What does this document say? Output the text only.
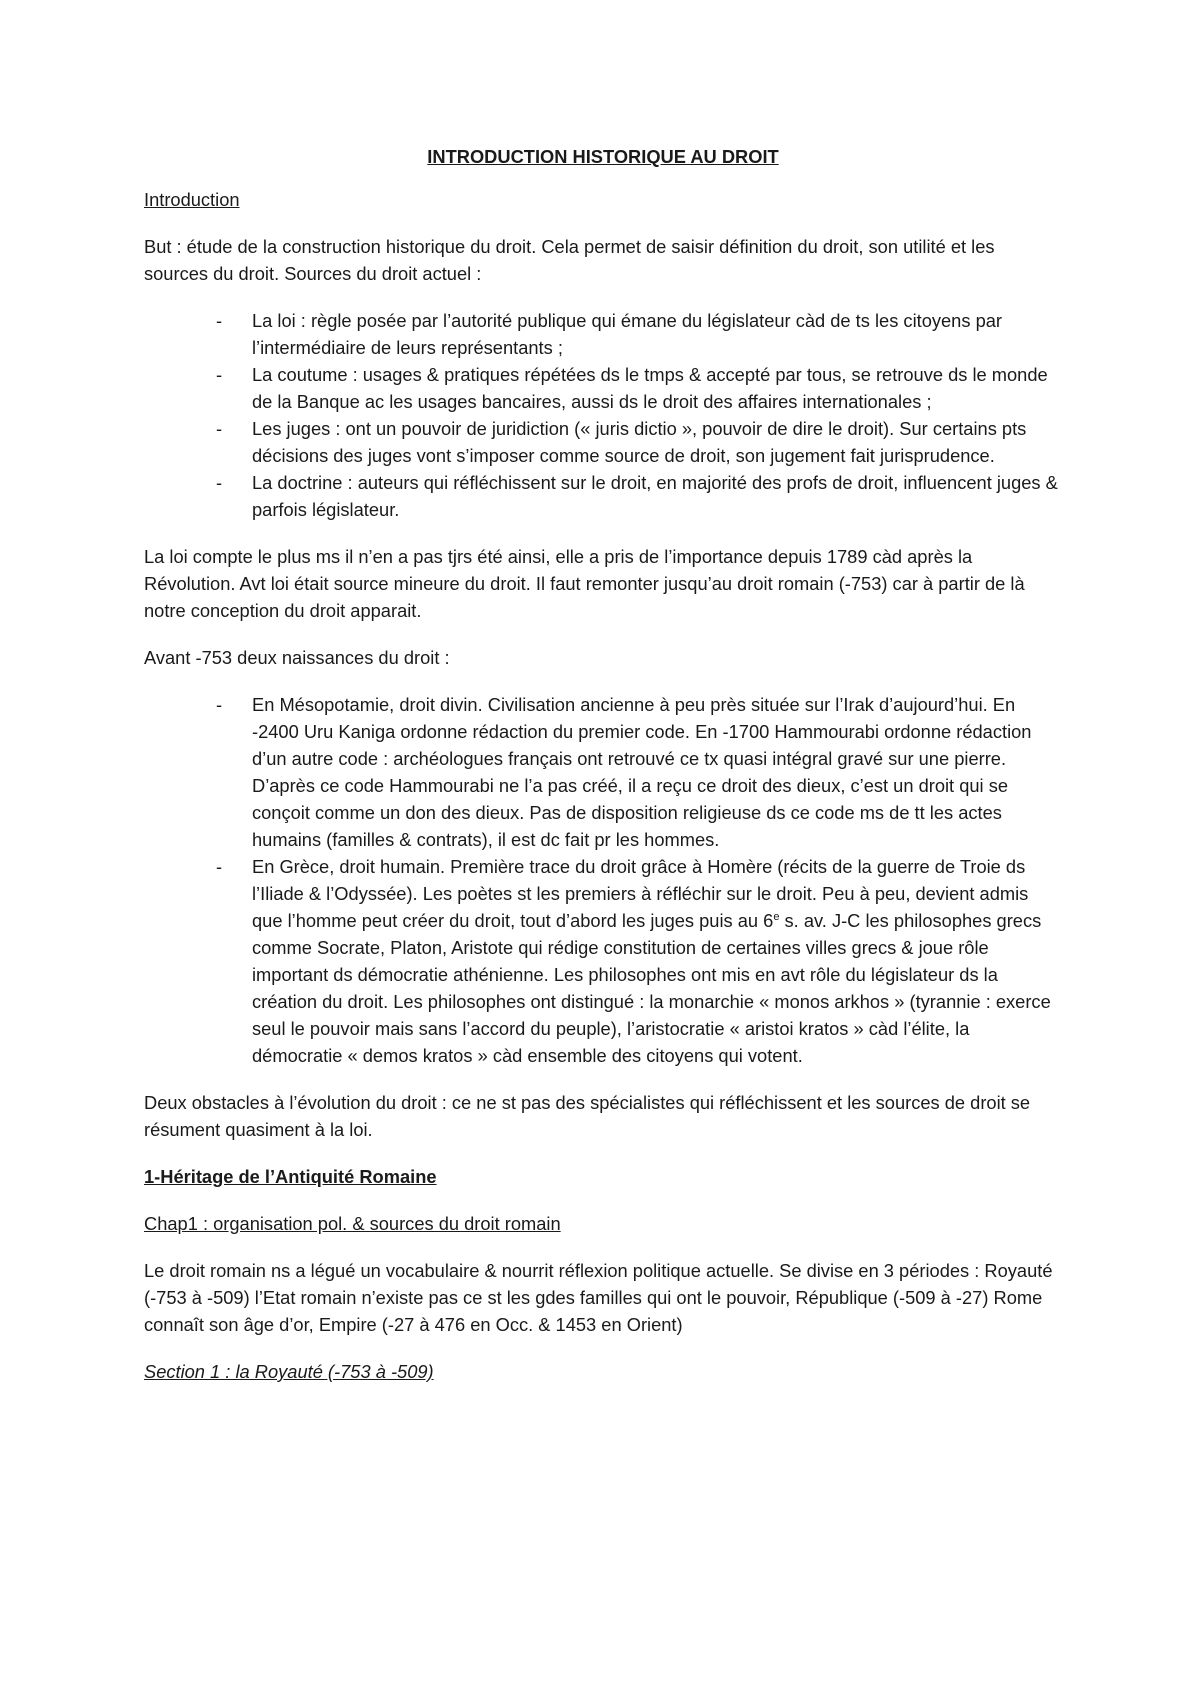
INTRODUCTION HISTORIQUE AU DROIT

Introduction

But : étude de la construction historique du droit. Cela permet de saisir définition du droit, son utilité et les sources du droit. Sources du droit actuel :

- La loi : règle posée par l’autorité publique qui émane du législateur càd de ts les citoyens par l’intermédiaire de leurs représentants ;
- La coutume : usages & pratiques répétées ds le tmps & accepté par tous, se retrouve ds le monde de la Banque ac les usages bancaires, aussi ds le droit des affaires internationales ;
- Les juges : ont un pouvoir de juridiction (« juris dictio », pouvoir de dire le droit). Sur certains pts décisions des juges vont s’imposer comme source de droit, son jugement fait jurisprudence.
- La doctrine : auteurs qui réfléchissent sur le droit, en majorité des profs de droit, influencent juges & parfois législateur.

La loi compte le plus ms il n’en a pas tjrs été ainsi, elle a pris de l’importance depuis 1789 càd après la Révolution. Avt loi était source mineure du droit. Il faut remonter jusqu’au droit romain (-753) car à partir de là notre conception du droit apparait.

Avant -753 deux naissances du droit :

- En Mésopotamie, droit divin. Civilisation ancienne à peu près située sur l’Irak d’aujourd’hui. En -2400 Uru Kaniga ordonne rédaction du premier code. En -1700 Hammourabi ordonne rédaction d’un autre code : archéologues français ont retrouvé ce tx quasi intégral gravé sur une pierre. D’après ce code Hammourabi ne l’a pas créé, il a reçu ce droit des dieux, c’est un droit qui se conçoit comme un don des dieux. Pas de disposition religieuse ds ce code ms de tt les actes humains (familles & contrats), il est dc fait pr les hommes.
- En Grèce, droit humain. Première trace du droit grâce à Homère (récits de la guerre de Troie ds l’Iliade & l’Odyssée). Les poètes st les premiers à réfléchir sur le droit. Peu à peu, devient admis que l’homme peut créer du droit, tout d’abord les juges puis au 6e s. av. J-C les philosophes grecs comme Socrate, Platon, Aristote qui rédige constitution de certaines villes grecs & joue rôle important ds démocratie athénienne. Les philosophes ont mis en avt rôle du législateur ds la création du droit. Les philosophes ont distingué : la monarchie « monos arkhos » (tyrannie : exerce seul le pouvoir mais sans l’accord du peuple), l’aristocratie « aristoi kratos » càd l’élite, la démocratie « demos kratos » càd ensemble des citoyens qui votent.

Deux obstacles à l’évolution du droit : ce ne st pas des spécialistes qui réfléchissent et les sources de droit se résument quasiment à la loi.

1-Héritage de l’Antiquité Romaine

Chap1 : organisation pol. & sources du droit romain

Le droit romain ns a légué un vocabulaire & nourrit réflexion politique actuelle. Se divise en 3 périodes : Royauté (-753 à -509) l’Etat romain n’existe pas ce st les gdes familles qui ont le pouvoir, République (-509 à -27) Rome connaît son âge d’or, Empire (-27 à 476 en Occ. & 1453 en Orient)

Section 1 : la Royauté (-753 à -509)
